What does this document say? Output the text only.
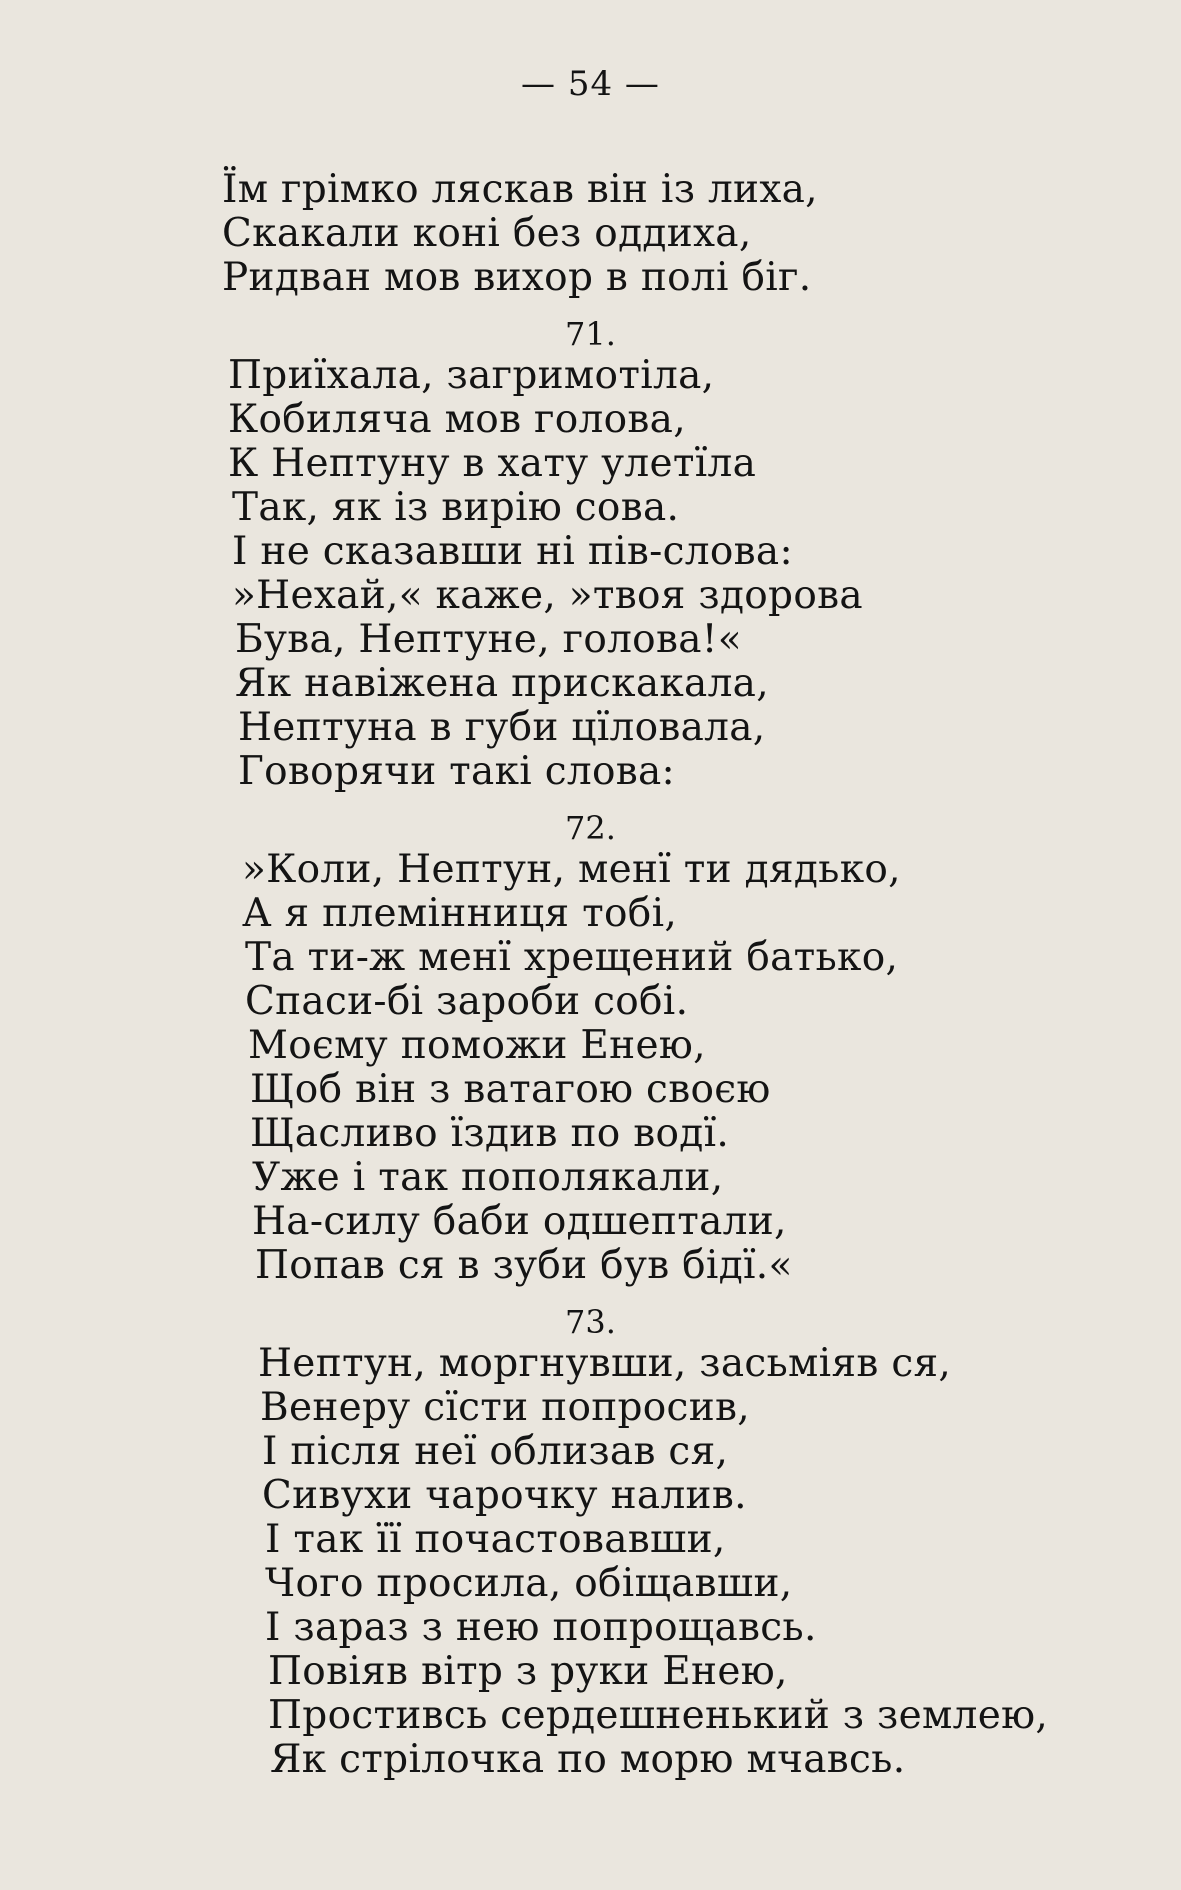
— 54 —
Їм грімко ляскав він із лиха,
Скакали коні без оддиха,
Ридван мов вихор в полі біг.
71.
Приїхала, загримотіла,
Кобиляча мов голова,
К Нептуну в хату улетїла
Так, як із вирію сова.
І не сказавши ні пів-слова:
»Нехай,« каже, »твоя здорова
Бува, Нептуне, голова!«
Як навіжена прискакала,
Нептуна в губи цїловала,
Говорячи такі слова:
72.
»Коли, Нептун, менї ти дядько,
А я племінниця тобі,
Та ти-ж менї хрещений батько,
Спаси-бі зароби собі.
Моєму поможи Енею,
Щоб він з ватагою своєю
Щасливо їздив по водї.
Уже і так пополякали,
На-силу баби одшептали,
Попав ся в зуби був бідї.«
73.
Нептун, моргнувши, засьміяв ся,
Венеру сїсти попросив,
І після неї облизав ся,
Сивухи чарочку налив.
І так її почастовавши,
Чого просила, обіщавши,
І зараз з нею попрощавсь.
Повіяв вітр з руки Енею,
Простивсь сердешненький з землею,
Як стрілочка по морю мчавсь.
